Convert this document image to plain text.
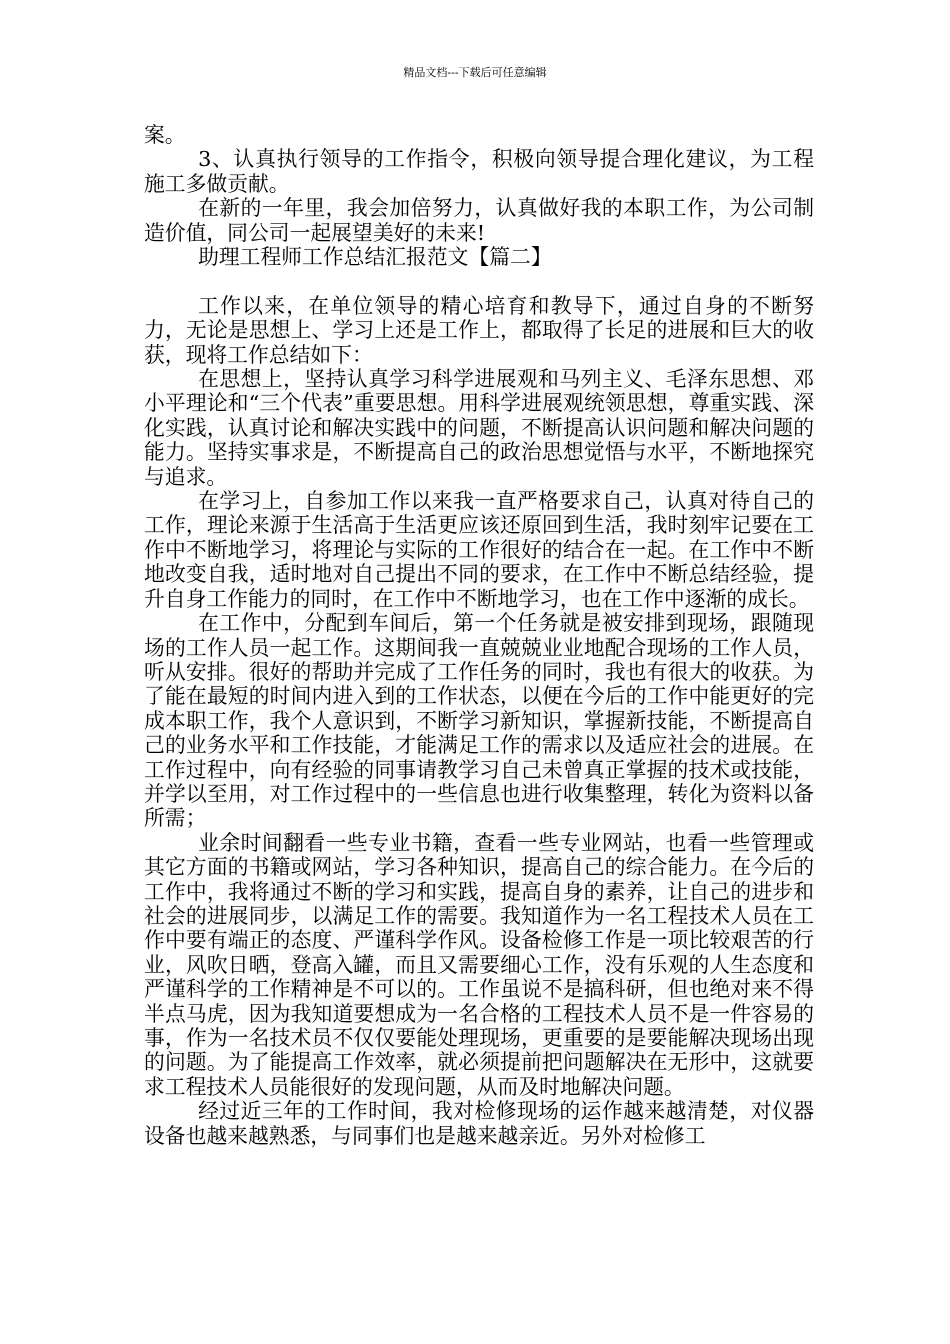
精品文档---下载后可任意编辑

案。

3、认真执行领导的工作指令，积极向领导提合理化建议，为工程施工多做贡献。

在新的一年里，我会加倍努力，认真做好我的本职工作，为公司制造价值，同公司一起展望美好的未来!

助理工程师工作总结汇报范文【篇二】

工作以来，在单位领导的精心培育和教导下，通过自身的不断努力，无论是思想上、学习上还是工作上，都取得了长足的进展和巨大的收获，现将工作总结如下：

在思想上，坚持认真学习科学进展观和马列主义、毛泽东思想、邓小平理论和“三个代表”重要思想。用科学进展观统领思想，尊重实践、深化实践，认真讨论和解决实践中的问题，不断提高认识问题和解决问题的能力。坚持实事求是，不断提高自己的政治思想觉悟与水平，不断地探究与追求。

在学习上，自参加工作以来我一直严格要求自己，认真对待自己的工作，理论来源于生活高于生活更应该还原回到生活，我时刻牢记要在工作中不断地学习，将理论与实际的工作很好的结合在一起。在工作中不断地改变自我，适时地对自己提出不同的要求，在工作中不断总结经验，提升自身工作能力的同时，在工作中不断地学习，也在工作中逐渐的成长。

在工作中，分配到车间后，第一个任务就是被安排到现场，跟随现场的工作人员一起工作。这期间我一直兢兢业业地配合现场的工作人员，听从安排。很好的帮助并完成了工作任务的同时，我也有很大的收获。为了能在最短的时间内进入到的工作状态，以便在今后的工作中能更好的完成本职工作，我个人意识到，不断学习新知识，掌握新技能，不断提高自己的业务水平和工作技能，才能满足工作的需求以及适应社会的进展。在工作过程中，向有经验的同事请教学习自己未曾真正掌握的技术或技能，并学以至用，对工作过程中的一些信息也进行收集整理，转化为资料以备所需；

业余时间翻看一些专业书籍，查看一些专业网站，也看一些管理或其它方面的书籍或网站，学习各种知识，提高自己的综合能力。在今后的工作中，我将通过不断的学习和实践，提高自身的素养，让自己的进步和社会的进展同步，以满足工作的需要。我知道作为一名工程技术人员在工作中要有端正的态度、严谨科学作风。设备检修工作是一项比较艰苦的行业，风吹日晒，登高入罐，而且又需要细心工作，没有乐观的人生态度和严谨科学的工作精神是不可以的。工作虽说不是搞科研，但也绝对来不得半点马虎，因为我知道要想成为一名合格的工程技术人员不是一件容易的事，作为一名技术员不仅仅要能处理现场，更重要的是要能解决现场出现的问题。为了能提高工作效率，就必须提前把问题解决在无形中，这就要求工程技术人员能很好的发现问题，从而及时地解决问题。

经过近三年的工作时间，我对检修现场的运作越来越清楚，对仪器设备也越来越熟悉，与同事们也是越来越亲近。另外对检修工
